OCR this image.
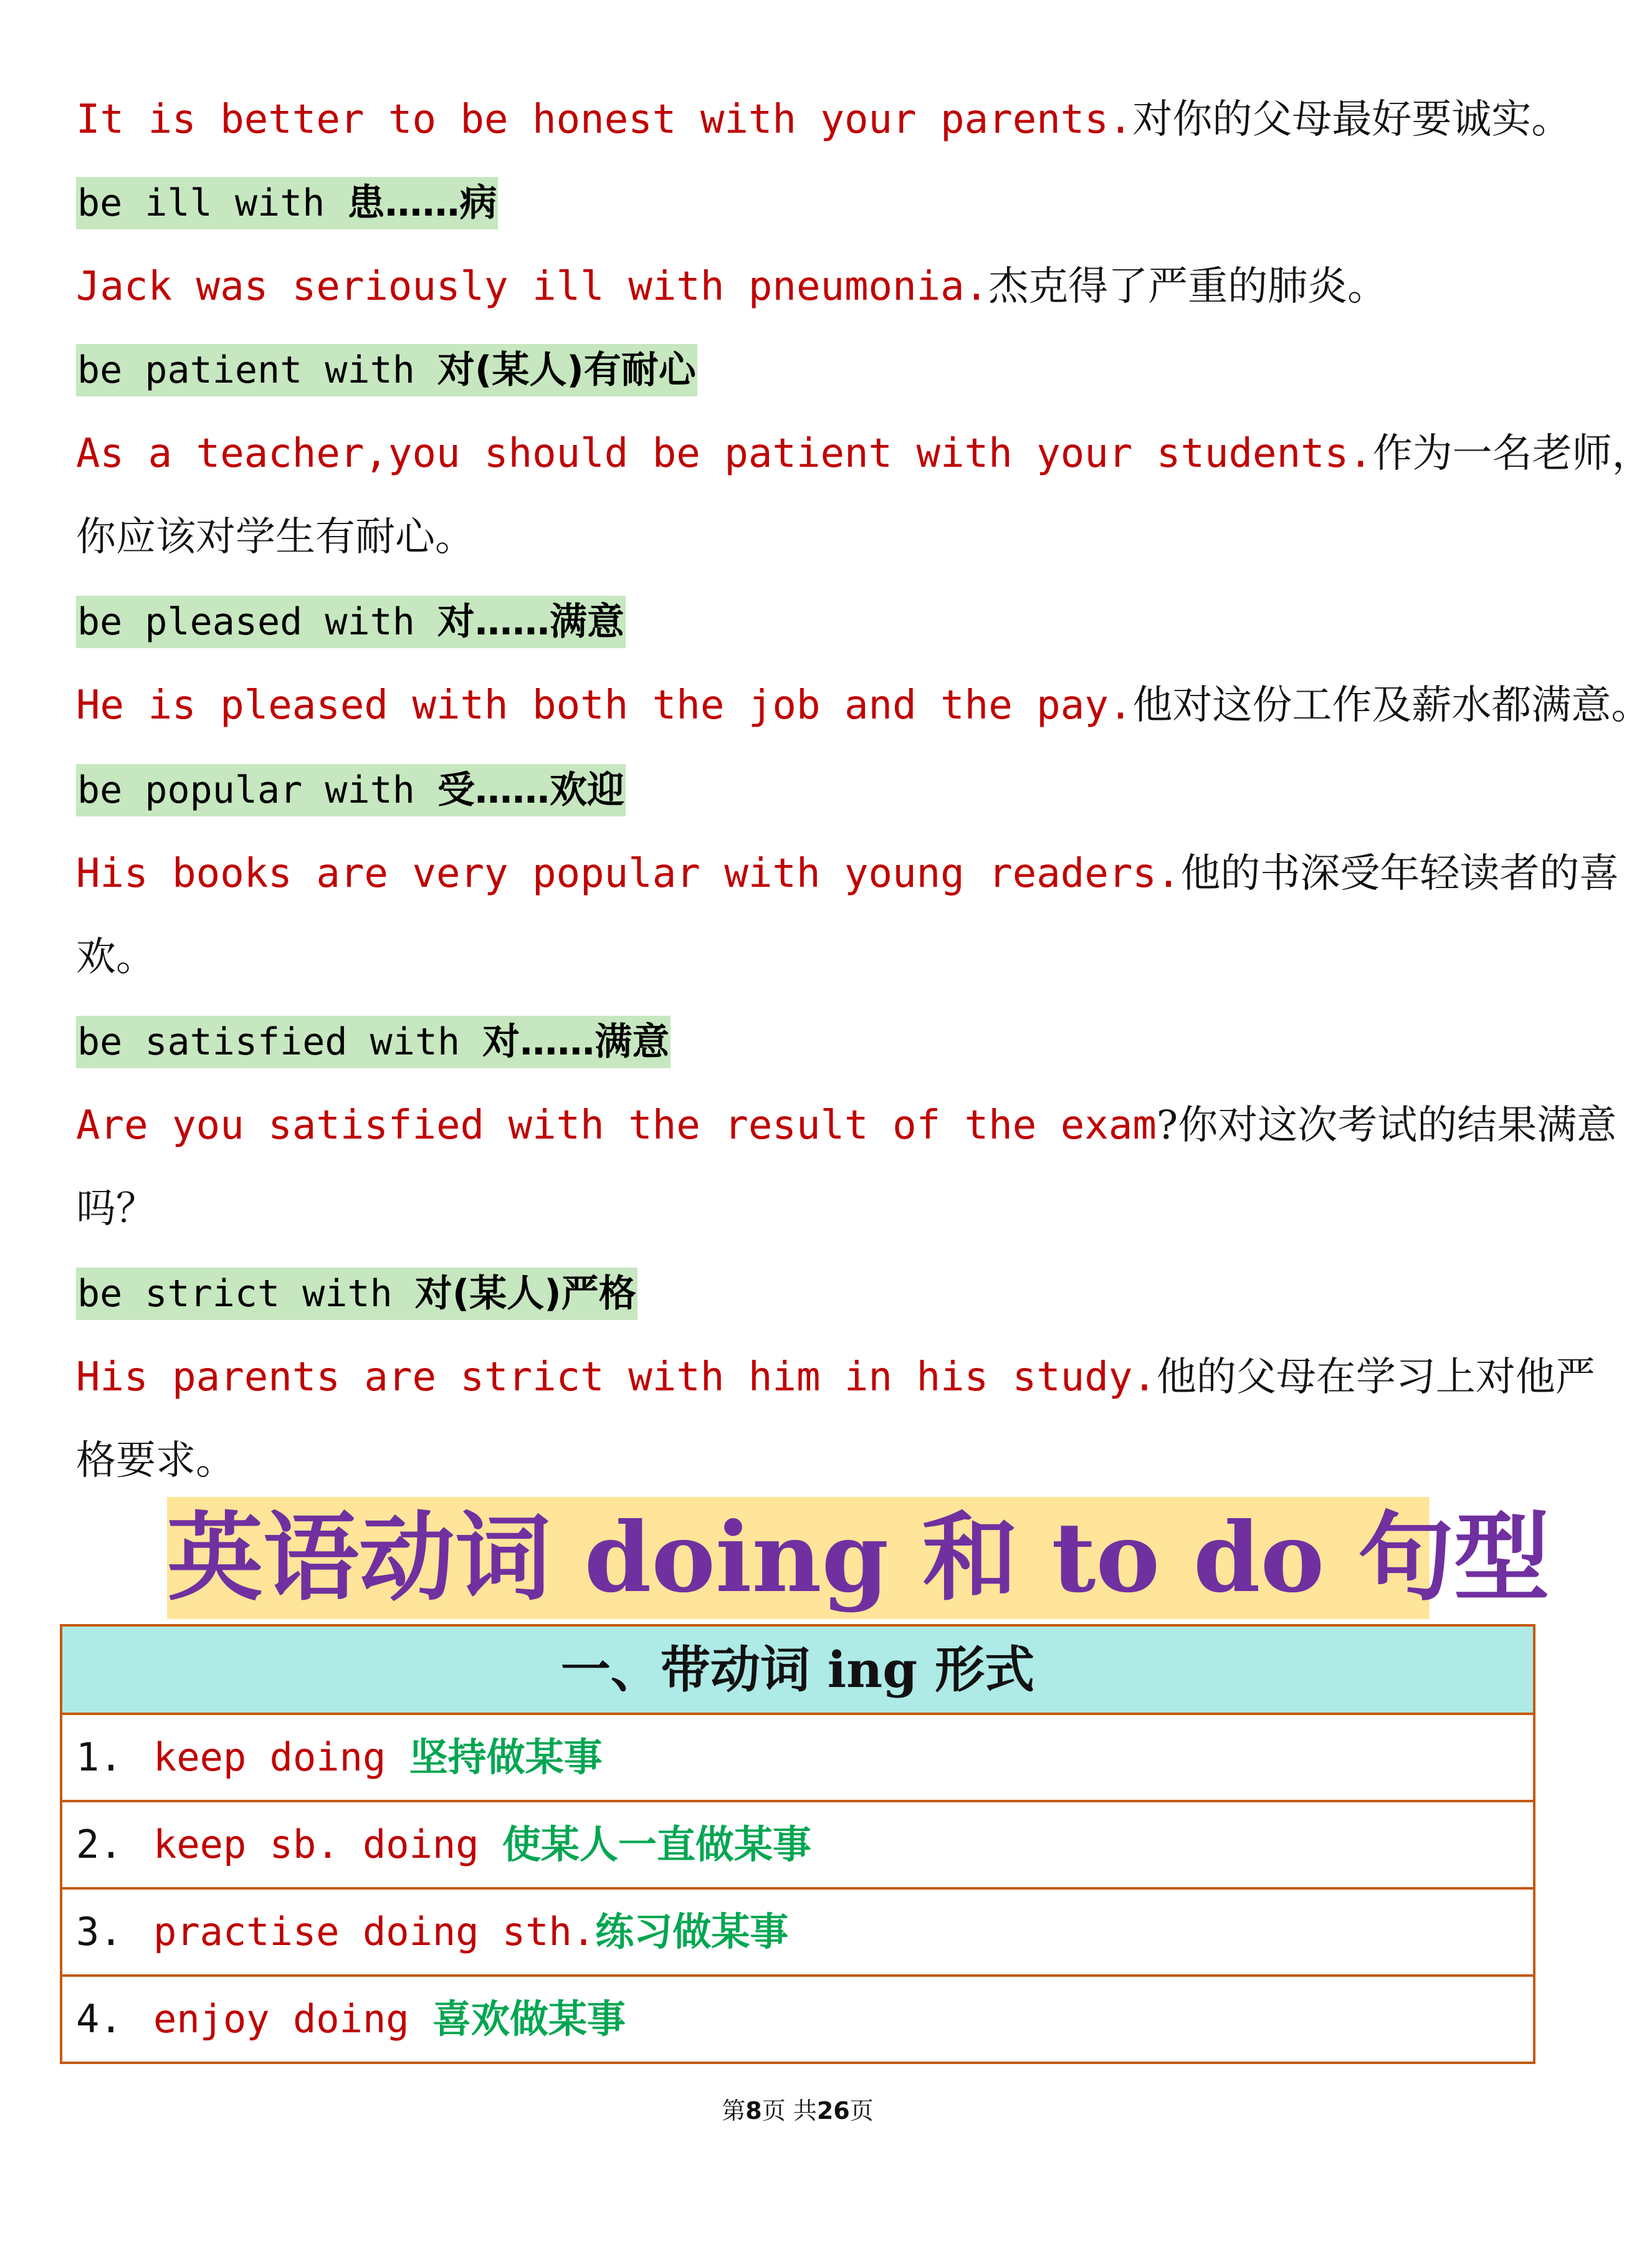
It is better to be honest with your parents.对你的父母最好要诚实。
be ill with 患……病
Jack was seriously ill with pneumonia.杰克得了严重的肺炎。
be patient with 对(某人)有耐心
As a teacher,you should be patient with your students.作为一名老师，
你应该对学生有耐心。
be pleased with 对……满意
He is pleased with both the job and the pay.他对这份工作及薪水都满意。
be popular with 受……欢迎
His books are very popular with young readers.他的书深受年轻读者的喜
欢。
be satisfied with 对……满意
Are you satisfied with the result of the exam?你对这次考试的结果满意
吗？
be strict with 对(某人)严格
His parents are strict with him in his study.他的父母在学习上对他严
格要求。
英语动词 doing 和 to do 句型
一、带动词 ing 形式
1. keep doing 坚持做某事
2. keep sb. doing 使某人一直做某事
3. practise doing sth.练习做某事
4. enjoy doing 喜欢做某事
第8页 共26页
